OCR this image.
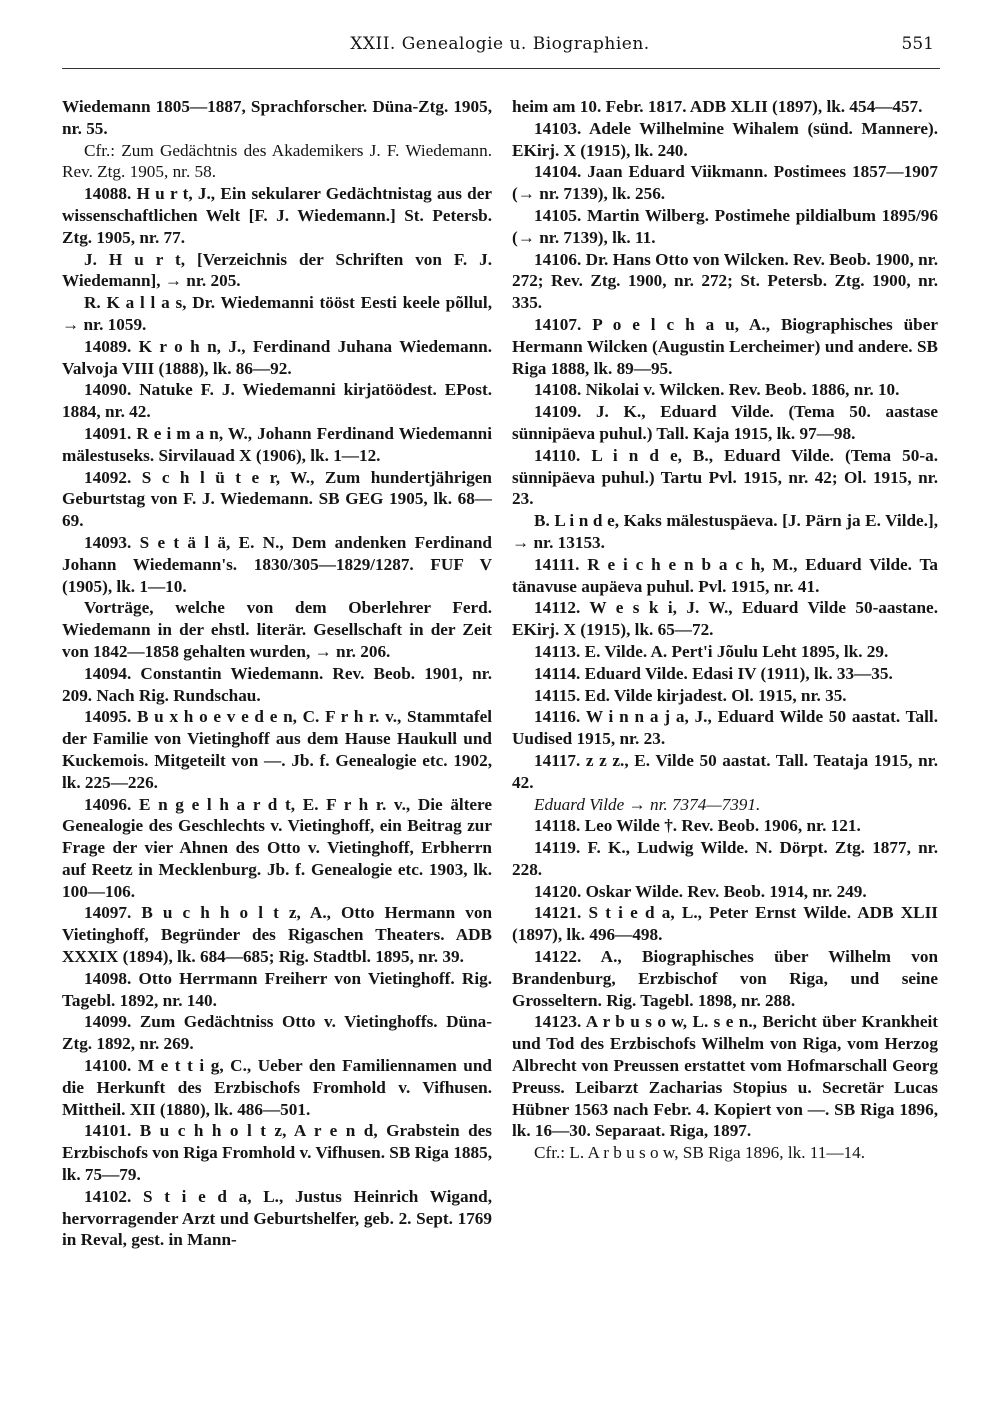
XXII. Genealogie u. Biographien.	551

Wiedemann 1805—1887, Sprachforscher. Düna-Ztg. 1905, nr. 55.

Cfr.: Zum Gedächtnis des Akademikers J. F. Wiedemann. Rev. Ztg. 1905, nr. 58.

14088. H u r t, J., Ein sekularer Gedächtnistag aus der wissenschaftlichen Welt [F. J. Wiedemann.] St. Petersb. Ztg. 1905, nr. 77.

J. H u r t, [Verzeichnis der Schriften von F. J. Wiedemann], → nr. 205.

R. K a l l a s, Dr. Wiedemanni tööst Eesti keele põllul, → nr. 1059.

14089. K r o h n, J., Ferdinand Juhana Wiedemann. Valvoja VIII (1888), lk. 86—92.

14090. Natuke F. J. Wiedemanni kirjatöödest. EPost. 1884, nr. 42.

14091. R e i m a n, W., Johann Ferdinand Wiedemanni mälestuseks. Sirvilauad X (1906), lk. 1—12.

14092. S c h l ü t e r, W., Zum hundertjährigen Geburtstag von F. J. Wiedemann. SB GEG 1905, lk. 68—69.

14093. S e t ä l ä, E. N., Dem andenken Ferdinand Johann Wiedemann's. 1830/305—1829/1287. FUF V (1905), lk. 1—10.

Vorträge, welche von dem Oberlehrer Ferd. Wiedemann in der ehstl. literär. Gesellschaft in der Zeit von 1842—1858 gehalten wurden, → nr. 206.

14094. Constantin Wiedemann. Rev. Beob. 1901, nr. 209. Nach Rig. Rundschau.

14095. B u x h o e v e d e n, C. F r h r. v., Stammtafel der Familie von Vietinghoff aus dem Hause Haukull und Kuckemois. Mitgeteilt von —. Jb. f. Genealogie etc. 1902, lk. 225—226.

14096. E n g e l h a r d t, E. F r h r. v., Die ältere Genealogie des Geschlechts v. Vietinghoff, ein Beitrag zur Frage der vier Ahnen des Otto v. Vietinghoff, Erbherrn auf Reetz in Mecklenburg. Jb. f. Genealogie etc. 1903, lk. 100—106.

14097. B u c h h o l t z, A., Otto Hermann von Vietinghoff, Begründer des Rigaschen Theaters. ADB XXXIX (1894), lk. 684—685; Rig. Stadtbl. 1895, nr. 39.

14098. Otto Herrmann Freiherr von Vietinghoff. Rig. Tagebl. 1892, nr. 140.

14099. Zum Gedächtniss Otto v. Vietinghoffs. Düna-Ztg. 1892, nr. 269.

14100. M e t t i g, C., Ueber den Familiennamen und die Herkunft des Erzbischofs Fromhold v. Vifhusen. Mittheil. XII (1880), lk. 486—501.

14101. B u c h h o l t z, A r e n d, Grabstein des Erzbischofs von Riga Fromhold v. Vifhusen. SB Riga 1885, lk. 75—79.

14102. S t i e d a, L., Justus Heinrich Wigand, hervorragender Arzt und Geburtshelfer, geb. 2. Sept. 1769 in Reval, gest. in Mann-

heim am 10. Febr. 1817. ADB XLII (1897), lk. 454—457.

14103. Adele Wilhelmine Wihalem (sünd. Mannere). EKirj. X (1915), lk. 240.

14104. Jaan Eduard Viikmann. Postimees 1857—1907 (→ nr. 7139), lk. 256.

14105. Martin Wilberg. Postimehe pildialbum 1895/96 (→ nr. 7139), lk. 11.

14106. Dr. Hans Otto von Wilcken. Rev. Beob. 1900, nr. 272; Rev. Ztg. 1900, nr. 272; St. Petersb. Ztg. 1900, nr. 335.

14107. P o e l c h a u, A., Biographisches über Hermann Wilcken (Augustin Lercheimer) und andere. SB Riga 1888, lk. 89—95.

14108. Nikolai v. Wilcken. Rev. Beob. 1886, nr. 10.

14109. J. K., Eduard Vilde. (Tema 50. aastase sünnipäeva puhul.) Tall. Kaja 1915, lk. 97—98.

14110. L i n d e, B., Eduard Vilde. (Tema 50-a. sünnipäeva puhul.) Tartu Pvl. 1915, nr. 42; Ol. 1915, nr. 23.

B. L i n d e, Kaks mälestuspäeva. [J. Pärn ja E. Vilde.], → nr. 13153.

14111. R e i c h e n b a c h, M., Eduard Vilde. Ta tänavuse aupäeva puhul. Pvl. 1915, nr. 41.

14112. W e s k i, J. W., Eduard Vilde 50-aastane. EKirj. X (1915), lk. 65—72.

14113. E. Vilde. A. Pert'i Jõulu Leht 1895, lk. 29.

14114. Eduard Vilde. Edasi IV (1911), lk. 33—35.

14115. Ed. Vilde kirjadest. Ol. 1915, nr. 35.

14116. W i n n a j a, J., Eduard Wilde 50 aastat. Tall. Uudised 1915, nr. 23.

14117. z z z., E. Vilde 50 aastat. Tall. Teataja 1915, nr. 42.

Eduard Vilde → nr. 7374—7391.

14118. Leo Wilde †. Rev. Beob. 1906, nr. 121.

14119. F. K., Ludwig Wilde. N. Dörpt. Ztg. 1877, nr. 228.

14120. Oskar Wilde. Rev. Beob. 1914, nr. 249.

14121. S t i e d a, L., Peter Ernst Wilde. ADB XLII (1897), lk. 496—498.

14122. A., Biographisches über Wilhelm von Brandenburg, Erzbischof von Riga, und seine Grosseltern. Rig. Tagebl. 1898, nr. 288.

14123. A r b u s o w, L. s e n., Bericht über Krankheit und Tod des Erzbischofs Wilhelm von Riga, vom Herzog Albrecht von Preussen erstattet vom Hofmarschall Georg Preuss. Leibarzt Zacharias Stopius u. Secretär Lucas Hübner 1563 nach Febr. 4. Kopiert von —. SB Riga 1896, lk. 16—30. Separaat. Riga, 1897.

Cfr.: L. A r b u s o w, SB Riga 1896, lk. 11—14.
